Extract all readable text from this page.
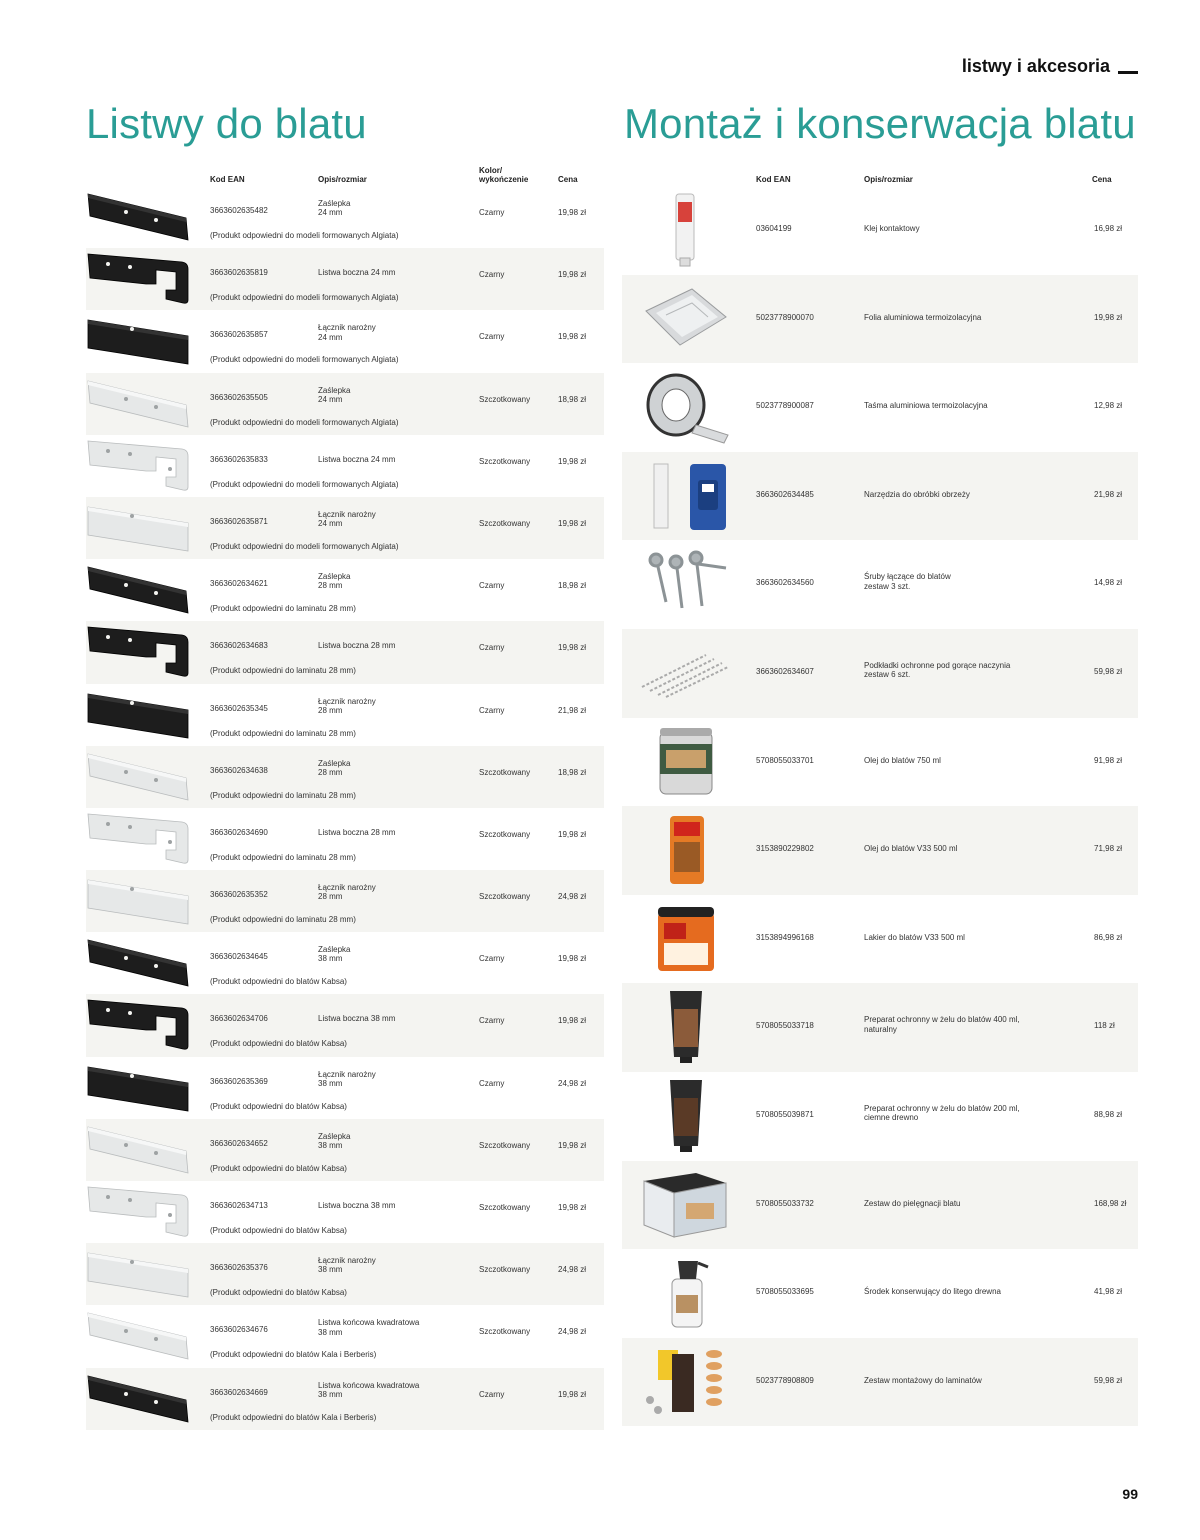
listwy i akcesoria
Listwy do blatu	Montaż i konserwacja blatu
Kod EAN	Opis/rozmiar
Kolor/
wykończenie	Cena
3663602635482
Zaślepka
24 mm	Czarny	19,98 zł
(Produkt odpowiedni do modeli formowanych Algiata)
3663602635819	Listwa boczna 24 mm	Czarny	19,98 zł
(Produkt odpowiedni do modeli formowanych Algiata)
3663602635857
Łącznik narożny
24 mm	Czarny	19,98 zł
(Produkt odpowiedni do modeli formowanych Algiata)
3663602635505
Zaślepka
24 mm	Szczotkowany	18,98 zł
(Produkt odpowiedni do modeli formowanych Algiata)
3663602635833	Listwa boczna 24 mm	Szczotkowany	19,98 zł
(Produkt odpowiedni do modeli formowanych Algiata)
3663602635871
Łącznik narożny
24 mm	Szczotkowany	19,98 zł
(Produkt odpowiedni do modeli formowanych Algiata)
3663602634621
Zaślepka
28 mm	Czarny	18,98 zł
(Produkt odpowiedni do laminatu 28 mm)
3663602634683	Listwa boczna 28 mm	Czarny	19,98 zł
(Produkt odpowiedni do laminatu 28 mm)
3663602635345
Łącznik narożny
28 mm	Czarny	21,98 zł
(Produkt odpowiedni do laminatu 28 mm)
3663602634638
Zaślepka
28 mm	Szczotkowany	18,98 zł
(Produkt odpowiedni do laminatu 28 mm)
3663602634690	Listwa boczna 28 mm	Szczotkowany	19,98 zł
(Produkt odpowiedni do laminatu 28 mm)
3663602635352
Łącznik narożny
28 mm	Szczotkowany	24,98 zł
(Produkt odpowiedni do laminatu 28 mm)
3663602634645
Zaślepka
38 mm	Czarny	19,98 zł
(Produkt odpowiedni do blatów Kabsa)
3663602634706	Listwa boczna 38 mm	Czarny	19,98 zł
(Produkt odpowiedni do blatów Kabsa)
3663602635369
Łącznik narożny
38 mm	Czarny	24,98 zł
(Produkt odpowiedni do blatów Kabsa)
3663602634652
Zaślepka
38 mm	Szczotkowany	19,98 zł
(Produkt odpowiedni do blatów Kabsa)
3663602634713	Listwa boczna 38 mm	Szczotkowany	19,98 zł
(Produkt odpowiedni do blatów Kabsa)
3663602635376
Łącznik narożny
38 mm	Szczotkowany	24,98 zł
(Produkt odpowiedni do blatów Kabsa)
3663602634676
Listwa końcowa kwadratowa
38 mm	Szczotkowany	24,98 zł
(Produkt odpowiedni do blatów Kala i Berberis)
3663602634669
Listwa końcowa kwadratowa
38 mm	Czarny	19,98 zł
(Produkt odpowiedni do blatów Kala i Berberis)
Kod EAN	Opis/rozmiar	Cena
03604199	Klej kontaktowy	16,98 zł
5023778900070	Folia aluminiowa termoizolacyjna	19,98 zł
5023778900087	Taśma aluminiowa termoizolacyjna	12,98 zł
3663602634485	Narzędzia do obróbki obrzeży	21,98 zł
3663602634560
Śruby łączące do blatów
zestaw 3 szt.	14,98 zł
3663602634607
Podkładki ochronne pod gorące naczynia
zestaw 6 szt.	59,98 zł
5708055033701	Olej do blatów 750 ml	91,98 zł
3153890229802	Olej do blatów V33 500 ml	71,98 zł
3153894996168	Lakier do blatów V33 500 ml	86,98 zł
5708055033718
Preparat ochronny w żelu do blatów 400 ml,
naturalny	118 zł
5708055039871
Preparat ochronny w żelu do blatów 200 ml,
ciemne drewno	88,98 zł
5708055033732	Zestaw do pielęgnacji blatu	168,98 zł
5708055033695	Środek konserwujący do litego drewna	41,98 zł
5023778908809	Zestaw montażowy do laminatów	59,98 zł
99
